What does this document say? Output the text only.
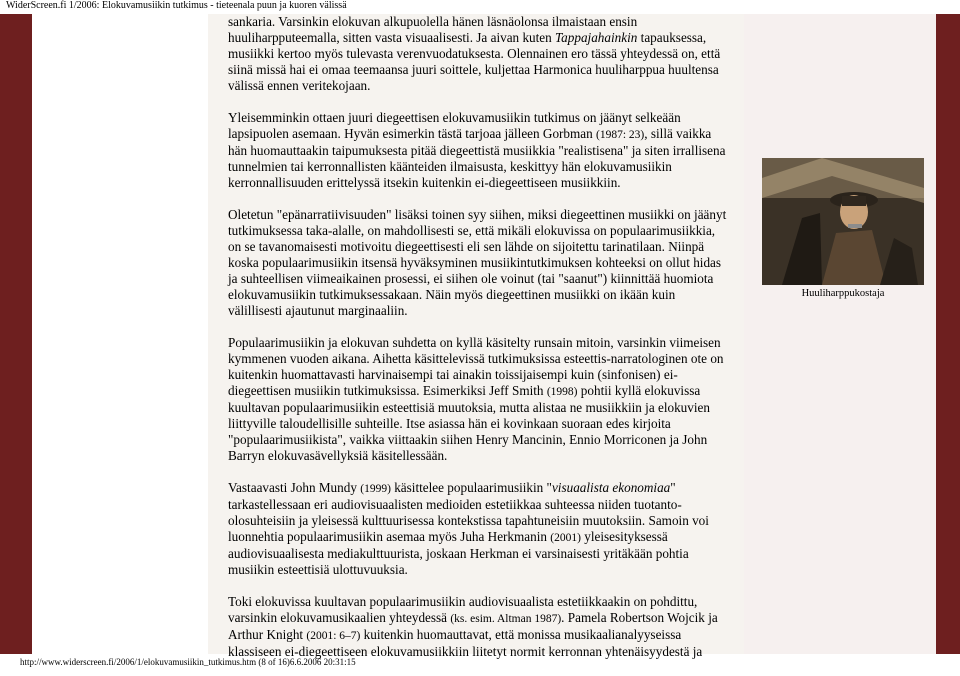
WiderScreen.fi 1/2006: Elokuvamusiikin tutkimus - tieteenala puun ja kuoren välissä

sankaria. Varsinkin elokuvan alkupuolella hänen läsnäolonsa ilmaistaan ensin huuliharpputeemalla, sitten vasta visuaalisesti. Ja aivan kuten Tappajahainkin tapauksessa, musiikki kertoo myös tulevasta verenvuodatuksesta. Olennainen ero tässä yhteydessä on, että siinä missä hai ei omaa teemaansa juuri soittele, kuljettaa Harmonica huuliharppua huultensa välissä ennen veritekojaan.

Yleisemminkin ottaen juuri diegeettisen elokuvamusiikin tutkimus on jäänyt selkeään lapsipuolen asemaan. Hyvän esimerkin tästä tarjoaa jälleen Gorbman (1987: 23), sillä vaikka hän huomauttaakin taipumuksesta pitää diegeettistä musiikkia "realistisena" ja siten irrallisena tunnelmien tai kerronnallisten käänteiden ilmaisusta, keskittyy hän elokuvamusiikin kerronnallisuuden erittelyssä itsekin kuitenkin ei-diegeettiseen musiikkiin.

Oletetun "epänarratiivisuuden" lisäksi toinen syy siihen, miksi diegeettinen musiikki on jäänyt tutkimuksessa taka-alalle, on mahdollisesti se, että mikäli elokuvissa on populaarimusiikkia, on se tavanomaisesti motivoitu diegeettisesti eli sen lähde on sijoitettu tarinatilaan. Niinpä koska populaarimusiikin itsensä hyväksyminen musiikintutkimuksen kohteeksi on ollut hidas ja suhteellisen viimeaikainen prosessi, ei siihen ole voinut (tai "saanut") kiinnittää huomiota elokuvamusiikin tutkimuksessakaan. Näin myös diegeettinen musiikki on ikään kuin välillisesti ajautunut marginaaliin.

Populaarimusiikin ja elokuvan suhdetta on kyllä käsitelty runsain mitoin, varsinkin viimeisen kymmenen vuoden aikana. Aihetta käsittelevissä tutkimuksissa esteettis-narratologinen ote on kuitenkin huomattavasti harvinaisempi tai ainakin toissijaisempi kuin (sinfonisen) ei-diegeettisen musiikin tutkimuksissa. Esimerkiksi Jeff Smith (1998) pohtii kyllä elokuvissa kuultavan populaarimusiikin esteettisiä muutoksia, mutta alistaa ne musiikkiin ja elokuvien liittyville taloudellisille suhteille. Itse asiassa hän ei kovinkaan suoraan edes kirjoita "populaarimusiikista", vaikka viittaakin siihen Henry Mancinin, Ennio Morriconen ja John Barryn elokuvasävellyksiä käsitellessään.

Vastaavasti John Mundy (1999) käsittelee populaarimusiikin "visuaalista ekonomiaa" tarkastellessaan eri audiovisuaalisten medioiden estetiikkaa suhteessa niiden tuotanto-olosuhteisiin ja yleisessä kulttuurisessa kontekstissa tapahtuneisiin muutoksiin. Samoin voi luonnehtia populaarimusiikin asemaa myös Juha Herkmanin (2001) yleisesityksessä audiovisuaalisesta mediakulttuurista, joskaan Herkman ei varsinaisesti yritäkään pohtia musiikin esteettisiä ulottuvuuksia.

Toki elokuvissa kuultavan populaarimusiikin audiovisuaalista estetiikkaakin on pohdittu, varsinkin elokuvamusikaalien yhteydessä (ks. esim. Altman 1987). Pamela Robertson Wojcik ja Arthur Knight (2001: 6–7) kuitenkin huomauttavat, että monissa musikaalianalyyseissa klassiseen ei-diegeettiseen elokuvamusiikkiin liitetyt normit kerronnan yhtenäisyydestä ja

Huuliharppukostaja
http://www.widerscreen.fi/2006/1/elokuvamusiikin_tutkimus.htm (8 of 16)6.6.2006 20:31:15
